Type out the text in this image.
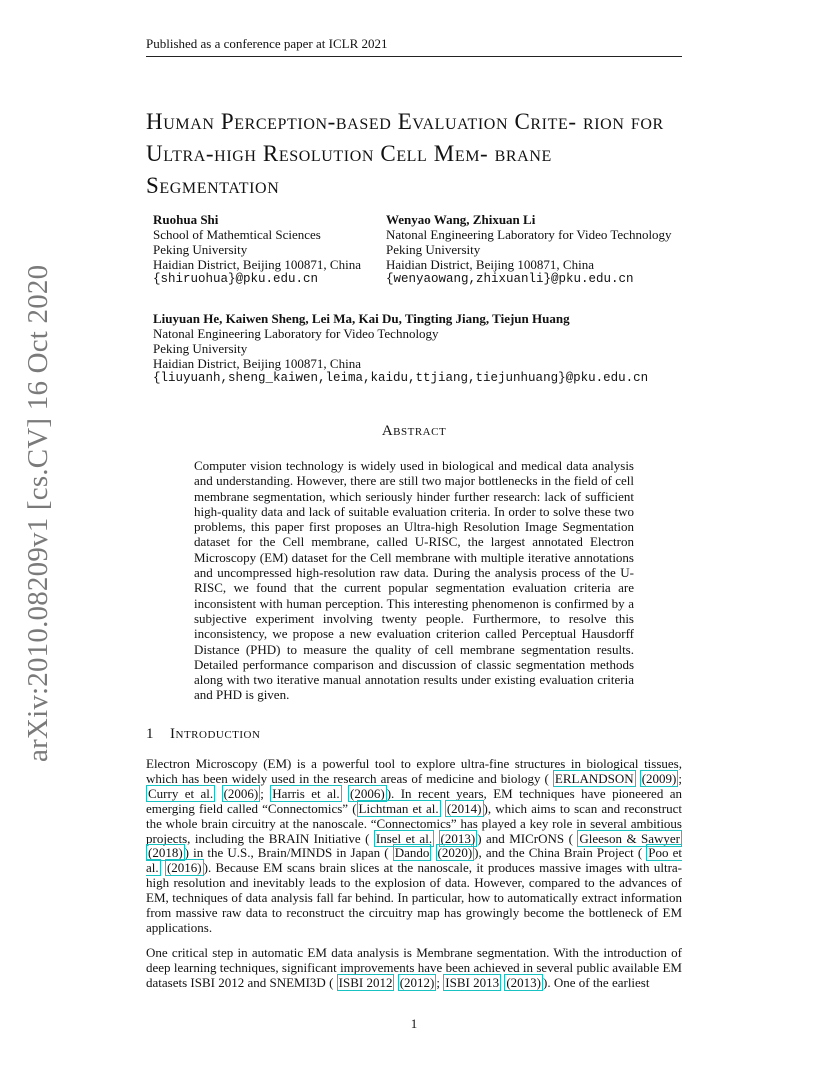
Published as a conference paper at ICLR 2021
arXiv:2010.08209v1 [cs.CV] 16 Oct 2020
Human Perception-based Evaluation Crite- rion for Ultra-high Resolution Cell Mem- brane Segmentation
Ruohua Shi
School of Mathemtical Sciences
Peking University
Haidian District, Beijing 100871, China
{shiruohua}@pku.edu.cn
Wenyao Wang, Zhixuan Li
Natonal Engineering Laboratory for Video Technology
Peking University
Haidian District, Beijing 100871, China
{wenyaowang,zhixuanli}@pku.edu.cn
Liuyuan He, Kaiwen Sheng, Lei Ma, Kai Du, Tingting Jiang, Tiejun Huang
Natonal Engineering Laboratory for Video Technology
Peking University
Haidian District, Beijing 100871, China
{liuyuanh,sheng_kaiwen,leima,kaidu,ttjiang,tiejunhuang}@pku.edu.cn
Abstract
Computer vision technology is widely used in biological and medical data analysis and understanding. However, there are still two major bottlenecks in the field of cell membrane segmentation, which seriously hinder further research: lack of sufficient high-quality data and lack of suitable evaluation criteria. In order to solve these two problems, this paper first proposes an Ultra-high Resolution Image Segmentation dataset for the Cell membrane, called U-RISC, the largest annotated Electron Microscopy (EM) dataset for the Cell membrane with multiple iterative annotations and uncompressed high-resolution raw data. During the analysis process of the U-RISC, we found that the current popular segmentation evaluation criteria are inconsistent with human perception. This interesting phenomenon is confirmed by a subjective experiment involving twenty people. Furthermore, to resolve this inconsistency, we propose a new evaluation criterion called Perceptual Hausdorff Distance (PHD) to measure the quality of cell membrane segmentation results. Detailed performance comparison and discussion of classic segmentation methods along with two iterative manual annotation results under existing evaluation criteria and PHD is given.
1 Introduction

Electron Microscopy (EM) is a powerful tool to explore ultra-fine structures in biological tissues, which has been widely used in the research areas of medicine and biology ( ERLANDSON (2009) ; Curry et al. (2006) ; Harris et al. (2006) ). In recent years, EM techniques have pioneered an emerging field called “Connectomics” ( Lichtman et al. (2014) ), which aims to scan and reconstruct the whole brain circuitry at the nanoscale. “Connectomics” has played a key role in several ambitious projects, including the BRAIN Initiative ( Insel et al. (2013) ) and MICrONS ( Gleeson & Sawyer (2018) ) in the U.S., Brain/MINDS in Japan ( Dando (2020) ), and the China Brain Project ( Poo et al. (2016) ). Because EM scans brain slices at the nanoscale, it produces massive images with ultra-high resolution and inevitably leads to the explosion of data. However, compared to the advances of EM, techniques of data analysis fall far behind. In particular, how to automatically extract information from massive raw data to reconstruct the circuitry map has growingly become the bottleneck of EM applications.

One critical step in automatic EM data analysis is Membrane segmentation. With the introduction of deep learning techniques, significant improvements have been achieved in several public available EM datasets ISBI 2012 and SNEMI3D ( ISBI 2012 (2012) ; ISBI 2013 (2013) ). One of the earliest

1
